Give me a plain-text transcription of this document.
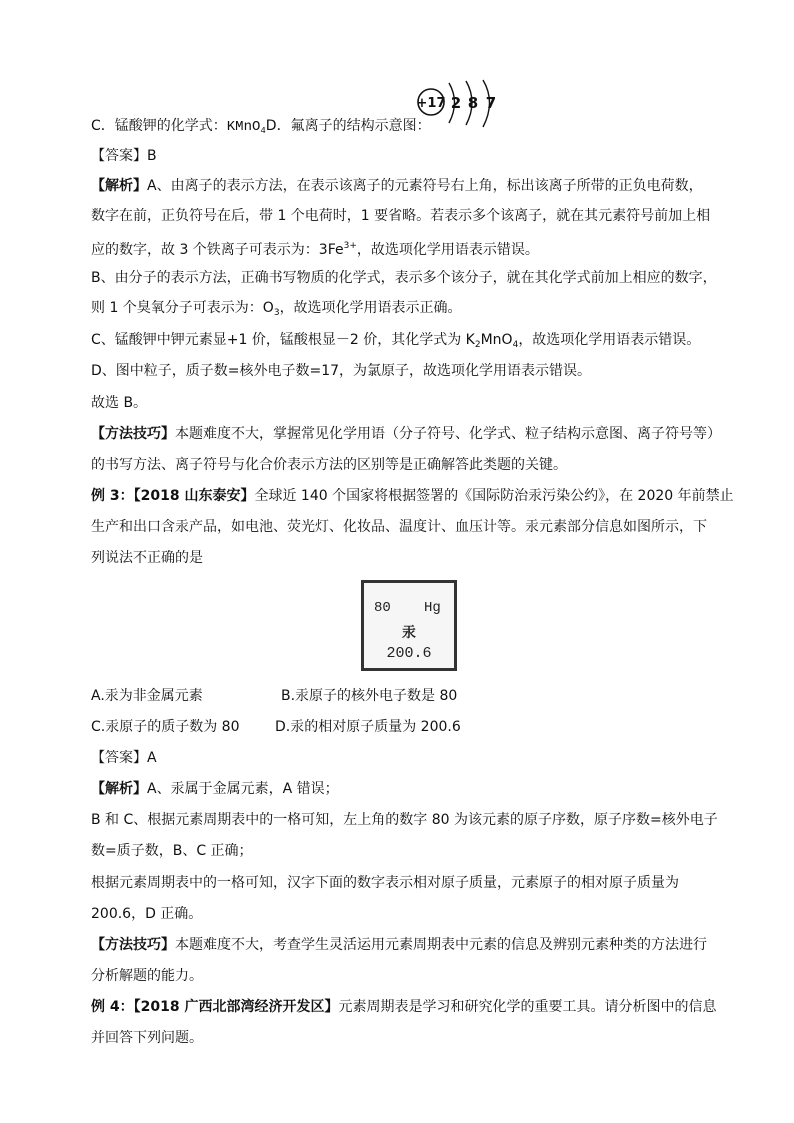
+17 2 8 7
C．锰酸钾的化学式：KMnO$_4$D．氟离子的结构示意图：
【答案】B
【解析】A、由离子的表示方法，在表示该离子的元素符号右上角，标出该离子所带的正负电荷数，
数字在前，正负符号在后，带 1 个电荷时，1 要省略。若表示多个该离子，就在其元素符号前加上相
应的数字，故 3 个铁离子可表示为：$3Fe^{3+}$，故选项化学用语表示错误。
B、由分子的表示方法，正确书写物质的化学式，表示多个该分子，就在其化学式前加上相应的数字，
则 1 个臭氧分子可表示为：$O_3$，故选项化学用语表示正确。
C、锰酸钾中钾元素显+1 价，锰酸根显－2 价，其化学式为 $K_2MnO_4$，故选项化学用语表示错误。
D、图中粒子，质子数=核外电子数=17，为氯原子，故选项化学用语表示错误。
故选 B。
【方法技巧】本题难度不大，掌握常见化学用语（分子符号、化学式、粒子结构示意图、离子符号等）
的书写方法、离子符号与化合价表示方法的区别等是正确解答此类题的关键。
例 3：【2018 山东泰安】全球近 140 个国家将根据签署的《国际防治汞污染公约》，在 2020 年前禁止
生产和出口含汞产品，如电池、荧光灯、化妆品、温度计、血压计等。汞元素部分信息如图所示，下
列说法不正确的是
80 Hg
汞
200.6
A.汞为非金属元素	B.汞原子的核外电子数是 80
C.汞原子的质子数为 80	D.汞的相对原子质量为 200.6
【答案】A
【解析】A、汞属于金属元素，A 错误；
B 和 C、根据元素周期表中的一格可知，左上角的数字 80 为该元素的原子序数，原子序数=核外电子
数=质子数，B、C 正确；
根据元素周期表中的一格可知，汉字下面的数字表示相对原子质量，元素原子的相对原子质量为
200.6，D 正确。
【方法技巧】本题难度不大，考查学生灵活运用元素周期表中元素的信息及辨别元素种类的方法进行
分析解题的能力。
例 4：【2018 广西北部湾经济开发区】元素周期表是学习和研究化学的重要工具。请分析图中的信息
并回答下列问题。
